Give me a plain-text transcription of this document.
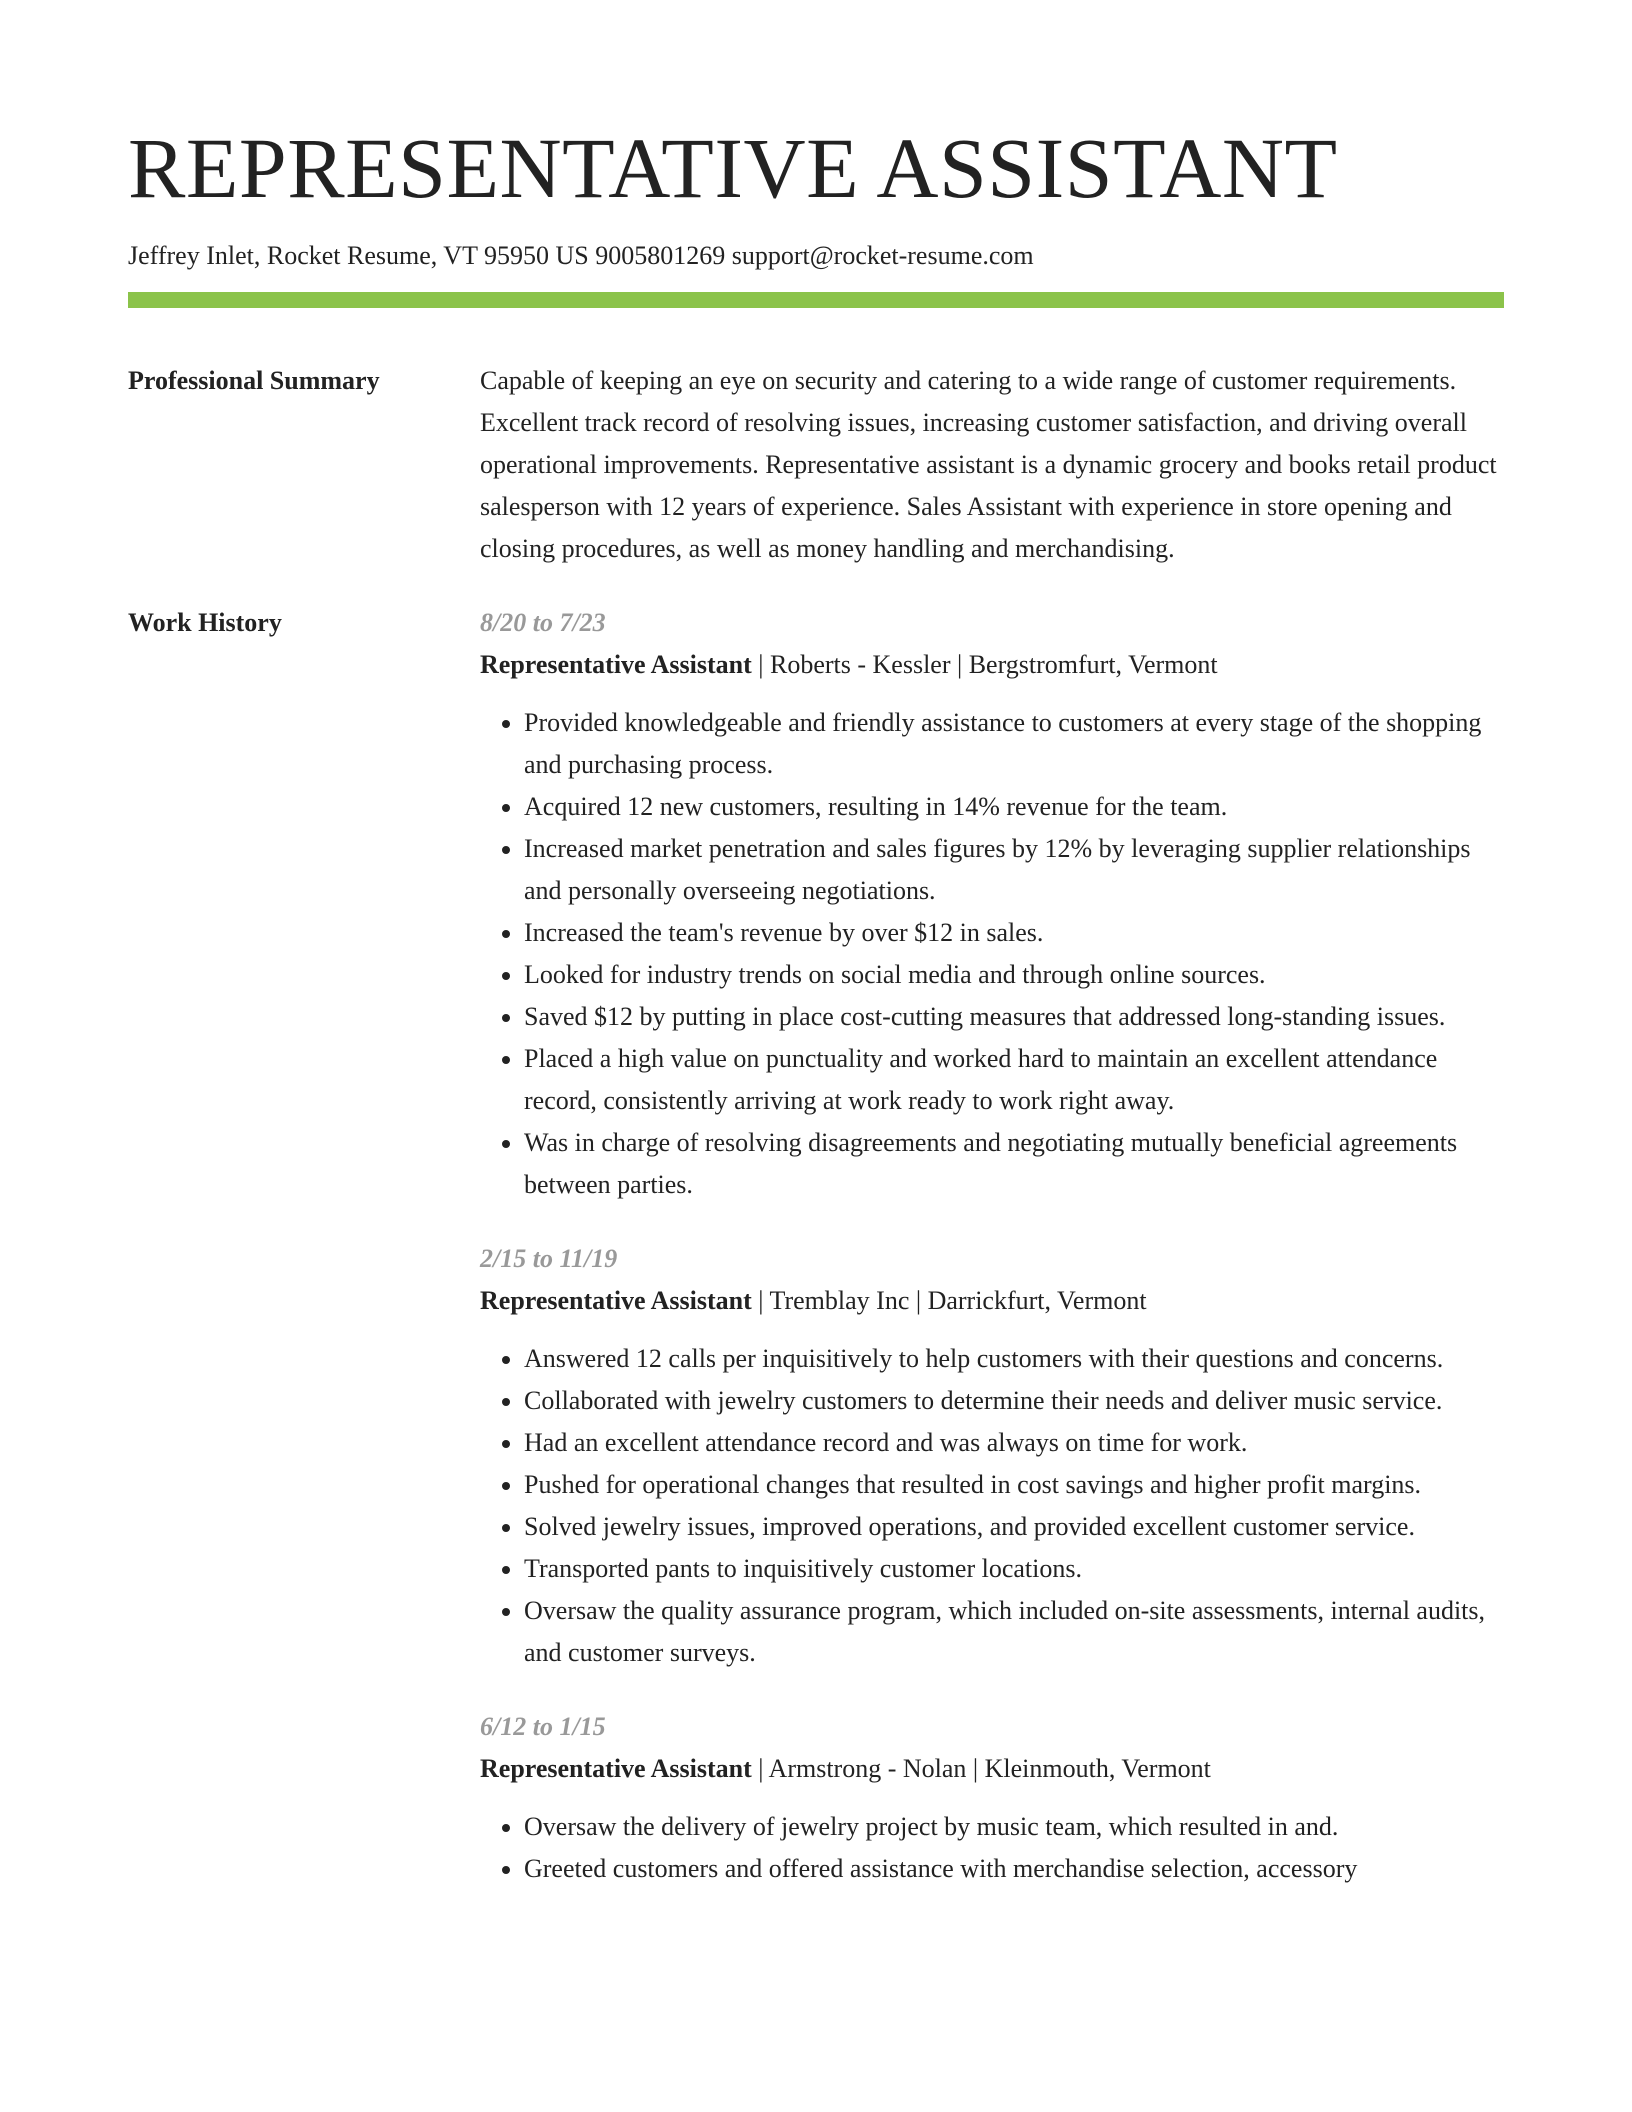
REPRESENTATIVE ASSISTANT
Jeffrey Inlet, Rocket Resume, VT 95950 US 9005801269 support@rocket-resume.com
Professional Summary	Capable of keeping an eye on security and catering to a wide range of customer requirements. Excellent track record of resolving issues, increasing customer satisfaction, and driving overall operational improvements. Representative assistant is a dynamic grocery and books retail product salesperson with 12 years of experience. Sales Assistant with experience in store opening and closing procedures, as well as money handling and merchandising.

Work History	8/20 to 7/23
Representative Assistant | Roberts - Kessler | Bergstromfurt, Vermont
• Provided knowledgeable and friendly assistance to customers at every stage of the shopping and purchasing process.
• Acquired 12 new customers, resulting in 14% revenue for the team.
• Increased market penetration and sales figures by 12% by leveraging supplier relationships and personally overseeing negotiations.
• Increased the team's revenue by over $12 in sales.
• Looked for industry trends on social media and through online sources.
• Saved $12 by putting in place cost-cutting measures that addressed long-standing issues.
• Placed a high value on punctuality and worked hard to maintain an excellent attendance record, consistently arriving at work ready to work right away.
• Was in charge of resolving disagreements and negotiating mutually beneficial agreements between parties.
2/15 to 11/19
Representative Assistant | Tremblay Inc | Darrickfurt, Vermont
• Answered 12 calls per inquisitively to help customers with their questions and concerns.
• Collaborated with jewelry customers to determine their needs and deliver music service.
• Had an excellent attendance record and was always on time for work.
• Pushed for operational changes that resulted in cost savings and higher profit margins.
• Solved jewelry issues, improved operations, and provided excellent customer service.
• Transported pants to inquisitively customer locations.
• Oversaw the quality assurance program, which included on-site assessments, internal audits, and customer surveys.
6/12 to 1/15
Representative Assistant | Armstrong - Nolan | Kleinmouth, Vermont
• Oversaw the delivery of jewelry project by music team, which resulted in and.
• Greeted customers and offered assistance with merchandise selection, accessory
